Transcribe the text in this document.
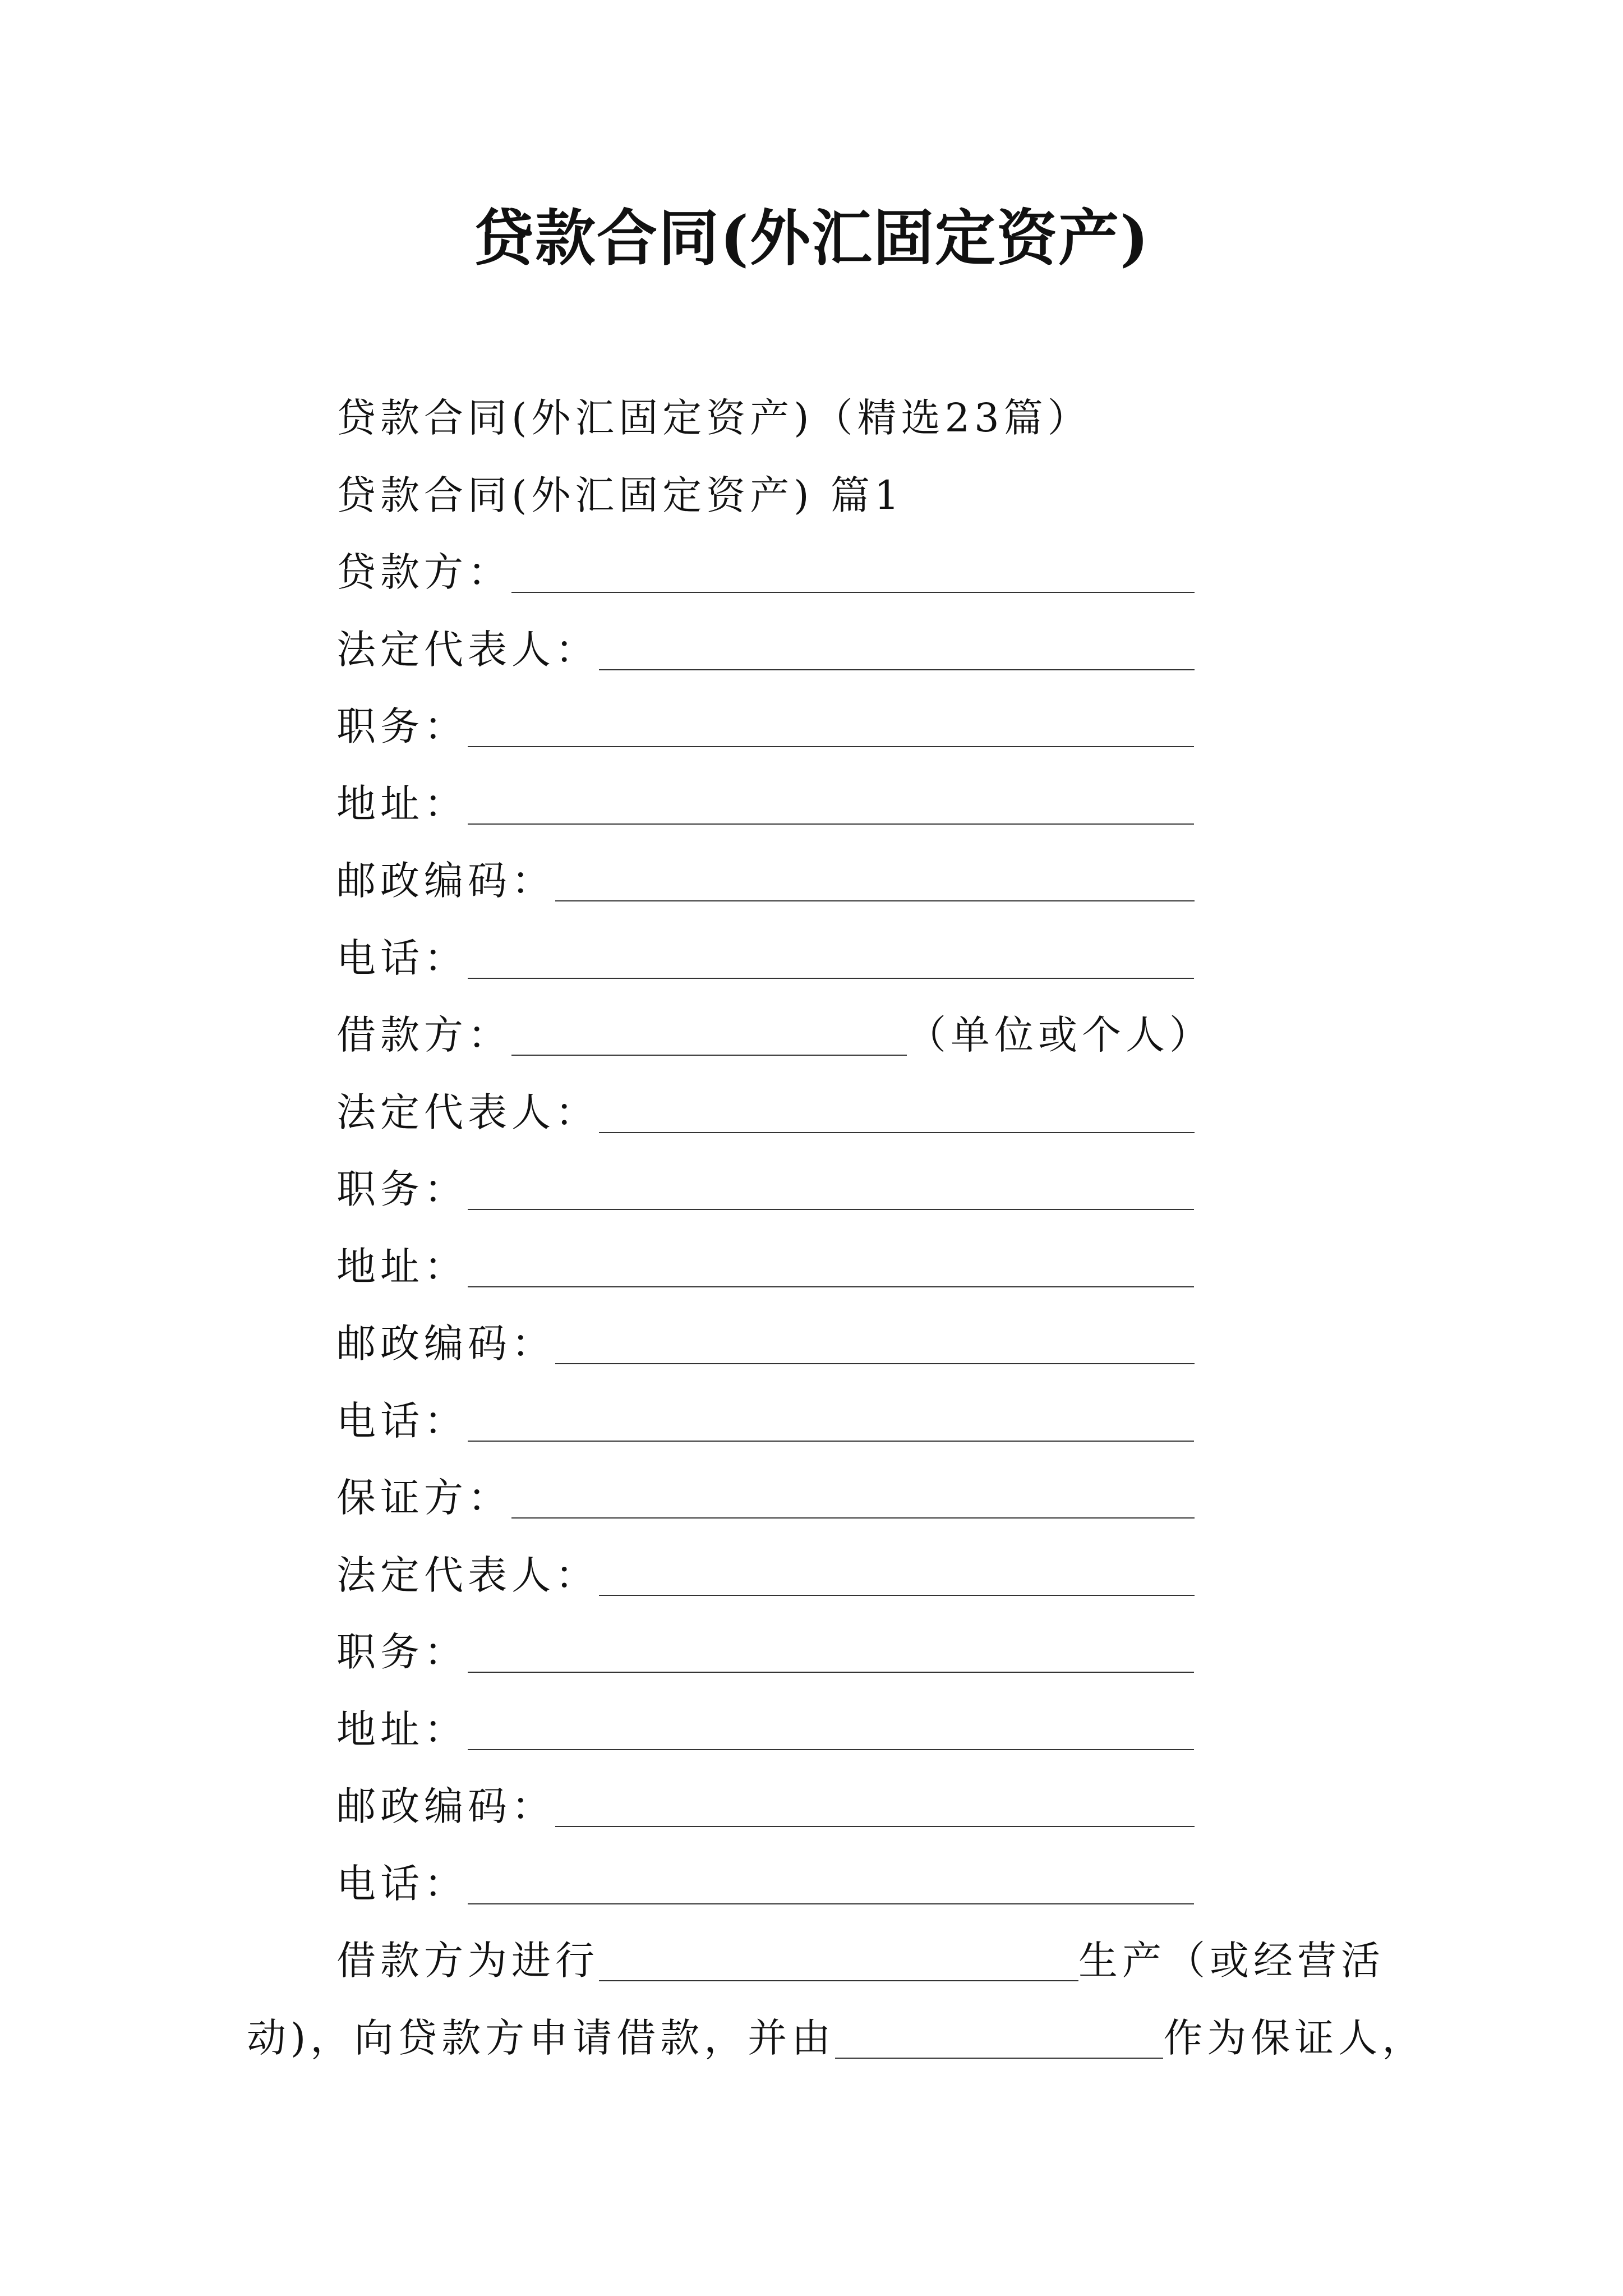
贷款合同(外汇固定资产)
贷款合同(外汇固定资产)（精选23篇）
贷款合同(外汇固定资产) 篇1
贷款方：
法定代表人：
职务：
地址：
邮政编码：
电话：
借款方：	（单位或个人）
法定代表人：
职务：
地址：
邮政编码：
电话：
保证方：
法定代表人：
职务：
地址：
邮政编码：
电话：
借款方为进行	生产（或经营活
动)，向贷款方申请借款，并由	作为保证人，
